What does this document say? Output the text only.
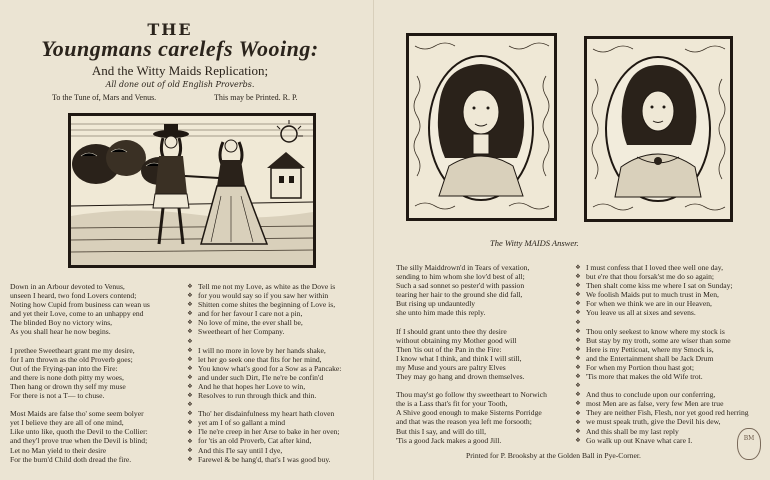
THE
Youngmans carelefs Wooing:
And the Witty Maids Replication;
All done out of old English Proverbs.
To the Tune of, Mars and Venus.	This may be Printed. R. P.
The Witty MAIDS Answer.

Down in an Arbour devoted to Venus,

unseen I heard, two fond Lovers contend;

Noting how Cupid from business can wean us

and yet their Love, come to an unhappy end

The blinded Boy no victory wins,

As you shall hear he now begins.

I prethee Sweetheart grant me my desire,

for I am thrown as the old Proverb goes;

Out of the Frying-pan into the Fire:

and there is none doth pitty my woes,

Then hang or drown thy self my muse

For there is not a T— to chuse.

Most Maids are false tho' some seem bolyer

yet I believe they are all of one mind,

Like unto like, quoth the Devil to the Collier:

and they'l prove true when the Devil is blind;

Let no Man yield to their desire

For the burn'd Child doth dread the fire.

❖
❖
❖
❖
❖
❖
❖
❖
❖
❖
❖
❖
❖
❖
❖
❖
❖
❖
❖
❖

Tell me not my Love, as white as the Dove is

for you would say so if you saw her within

Shitten come shites the beginning of Love is,

and for her favour I care not a pin,

No love of mine, the ever shall be,

Sweetheart of her Company.

I will no more in love by her hands shake,

let her go seek one that fits for her mind,

You know what's good for a Sow as a Pancake:

and under such Dirt, I'le ne're be confin'd

And he that hopes her Love to win,

Resolves to run through thick and thin.

Tho' her disdainfulness my heart hath cloven

yet am I of so gallant a mind

I'le ne're creep in her Arse to bake in her oven;

for 'tis an old Proverb, Cat after kind,

And this I'le say until I dye,

Farewel & be hang'd, that's I was good buy.

The silly Maiddrown'd in Tears of vexation,

sending to him whom she lov'd best of all;

Such a sad sonnet so pester'd with passion

tearing her hair to the ground she did fall,

But rising up undauntedly

she unto him made this reply.

If I should grant unto thee thy desire

without obtaining my Mother good will

Then 'tis out of the Pan in the Fire:

I know what I think, and think I will still,

my Muse and yours are paltry Elves

They may go hang and drown themselves.

Thou may'st go follow thy sweetheart to Norwich

the is a Lass that's fit for your Tooth,

A Shive good enough to make Sisterns Porridge

and that was the reason yea left me forsooth;

But this I say, and will do till,

'Tis a good Jack makes a good Jill.

❖
❖
❖
❖
❖
❖
❖
❖
❖
❖
❖
❖
❖
❖
❖
❖
❖
❖
❖
❖

I must confess that I loved thee well one day,

but e're that thou forsak'st me do so again;

Then shalt come kiss me where I sat on Sunday;

We foolish Maids put to much trust in Men,

For when we think we are in our Heaven,

You leave us all at sixes and sevens.

Thou only seekest to know where my stock is

But stay by my troth, some are wiser than some

Here is my Petticoat, where my Smock is,

and the Entertainment shall be Jack Drum

For when my Portion thou hast got;

'Tis more that makes the old Wife trot.

And thus to conclude upon our conferring,

most Men are as false, very few Men are true

They are neither Fish, Flesh, nor yet good red herring

we must speak truth, give the Devil his dew,

And this shall be my last reply

Go walk up out Knave what care I.

Printed for P. Brooksby at the Golden Ball in Pye-Corner.
BM
